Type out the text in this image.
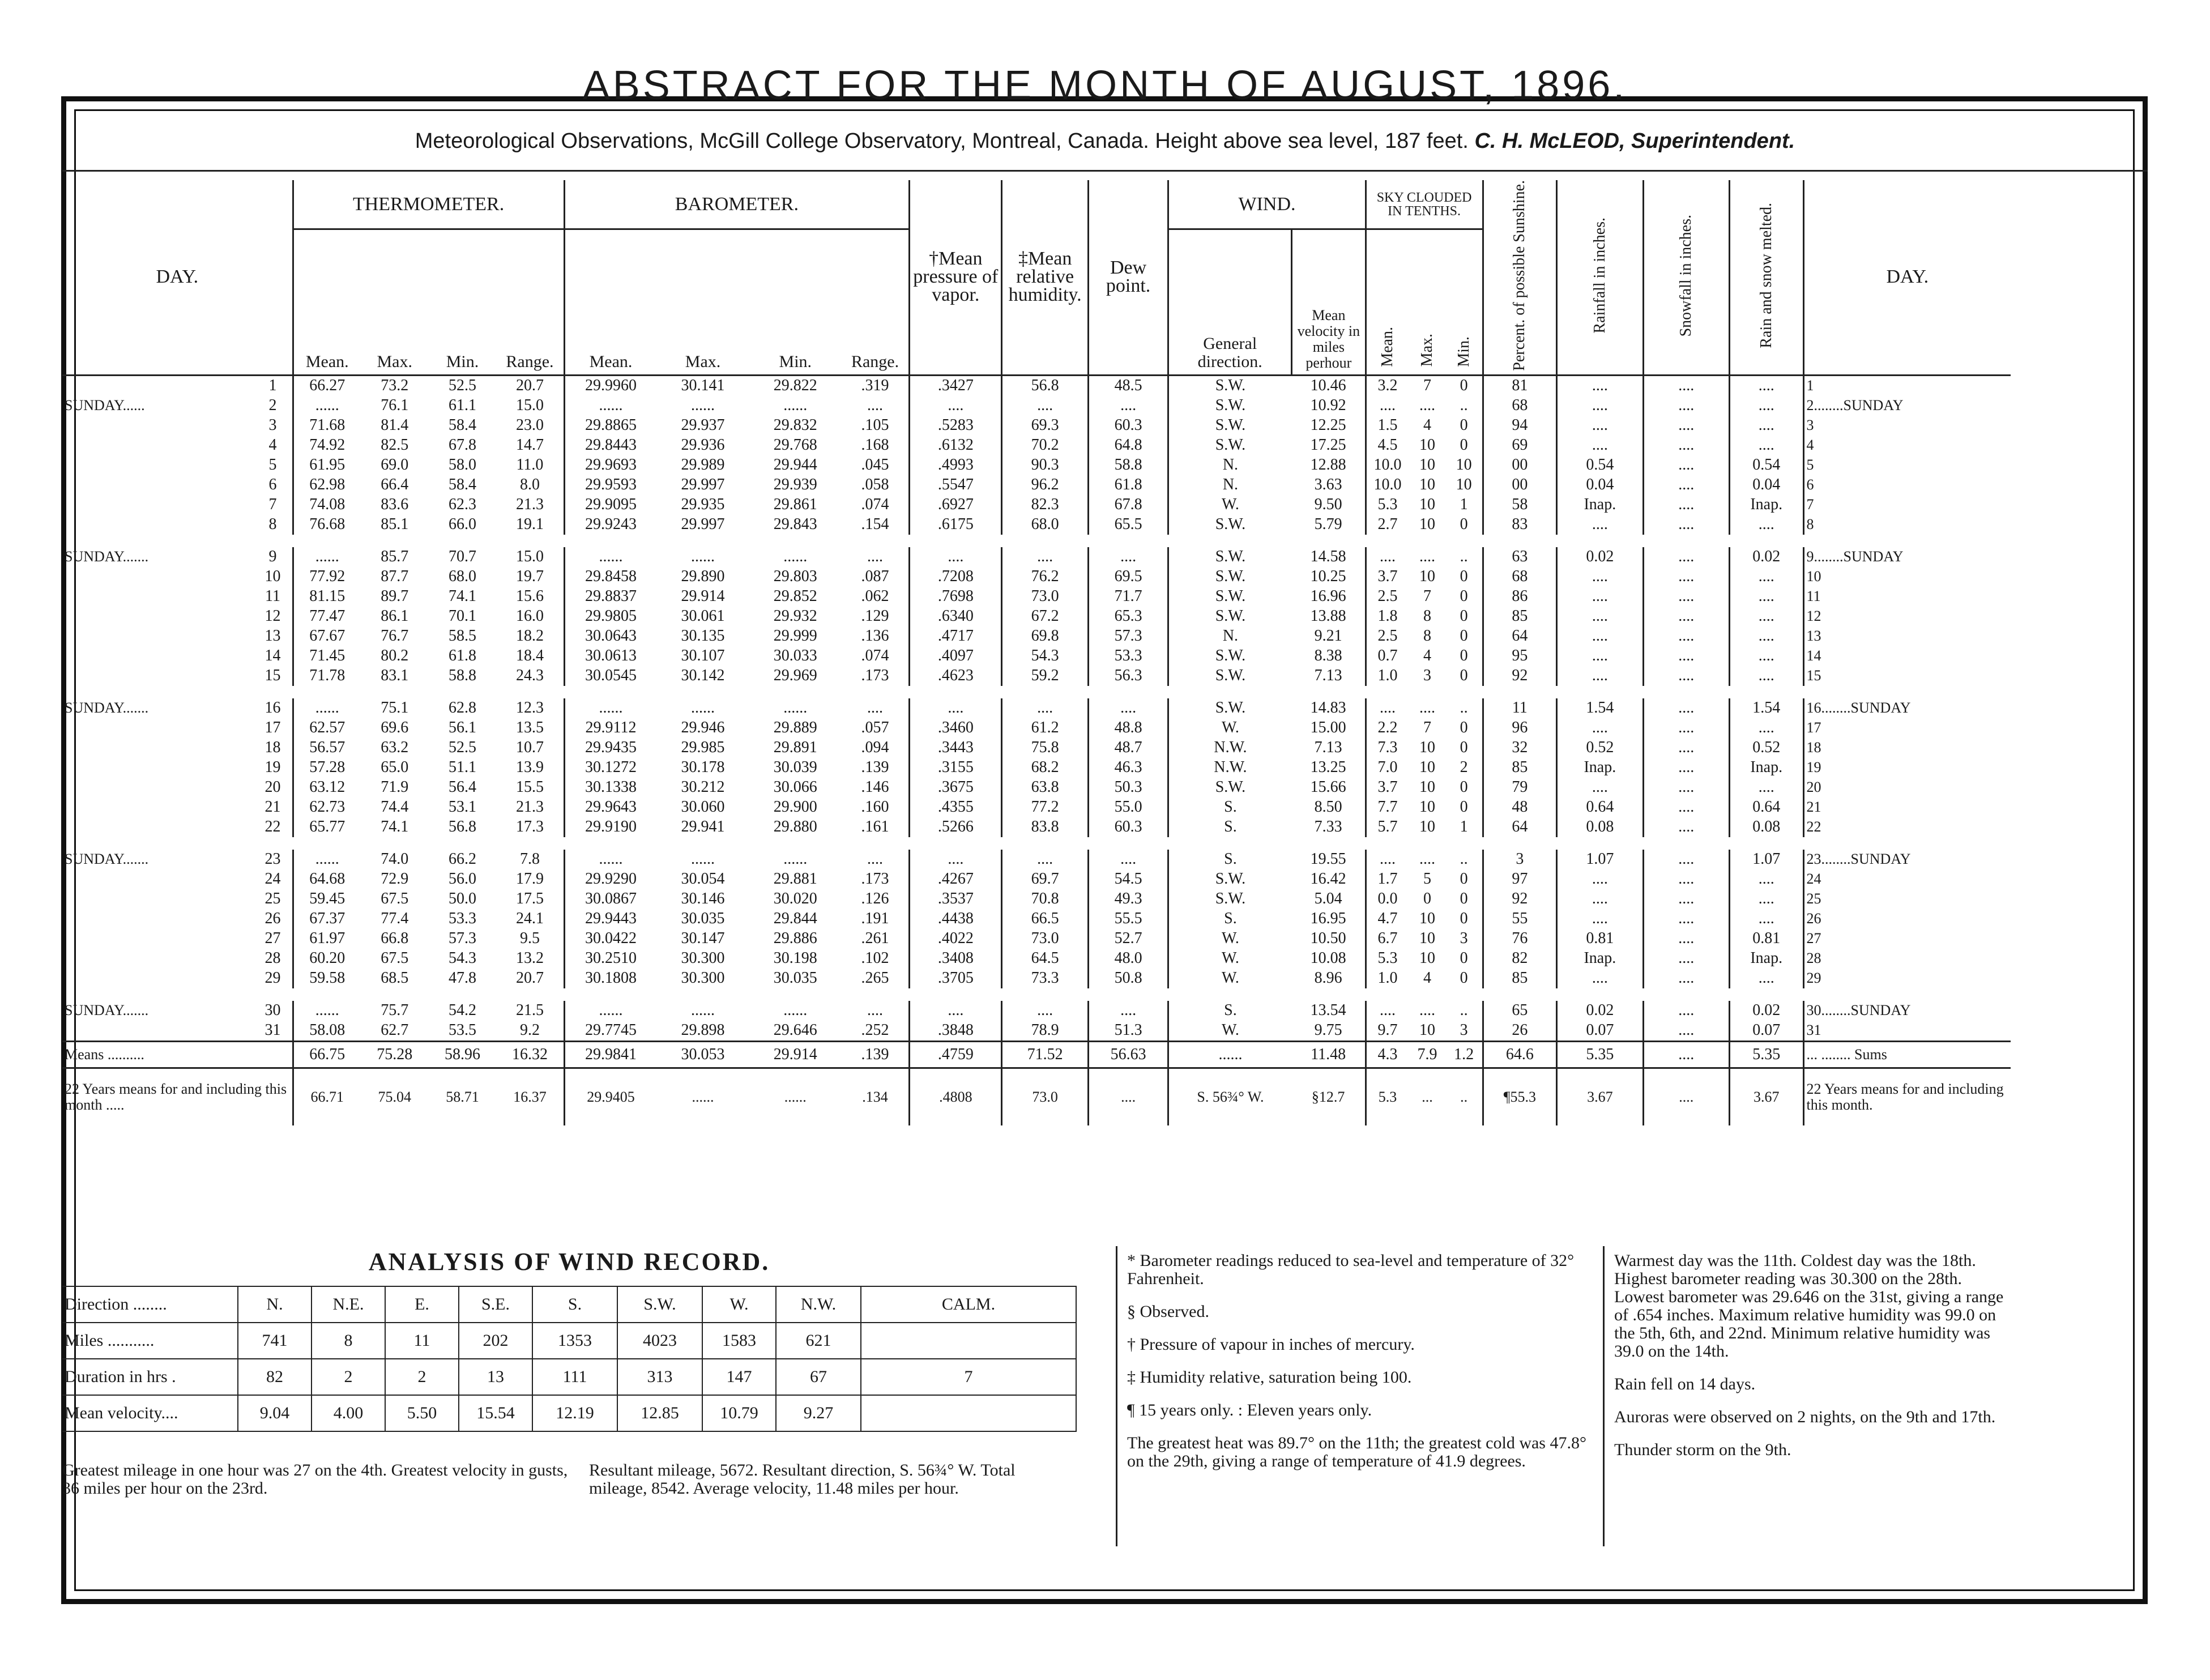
ABSTRACT FOR THE MONTH OF AUGUST, 1896.
Meteorological Observations, McGill College Observatory, Montreal, Canada. Height above sea level, 187 feet. C. H. McLEOD, Superintendent.
DAY.		THERMOMETER.				BAROMETER.				†Mean pressure of vapor.	‡Mean relative humidity.	Dew point.	WIND.		SKY CLOUDED IN TENTHS.			Percent. of possible Sunshine.	Rainfall in inches.	Snowfall in inches.	Rain and snow melted.	DAY.
		Mean.	Max.	Min.	Range.	Mean.	Max.	Min.	Range.				General direction.	Mean velocity in miles perhour	Mean.	Max.	Min.					
	1	66.27	73.2	52.5	20.7	29.9960	30.141	29.822	.319	.3427	56.8	48.5	S.W.	10.46	3.2	7	0	81	....	....	....	1
SUNDAY......	2	......	76.1	61.1	15.0	......	......	......	....	....	....	....	S.W.	10.92	....	....	..	68	....	....	....	2........SUNDAY
	3	71.68	81.4	58.4	23.0	29.8865	29.937	29.832	.105	.5283	69.3	60.3	S.W.	12.25	1.5	4	0	94	....	....	....	3
	4	74.92	82.5	67.8	14.7	29.8443	29.936	29.768	.168	.6132	70.2	64.8	S.W.	17.25	4.5	10	0	69	....	....	....	4
	5	61.95	69.0	58.0	11.0	29.9693	29.989	29.944	.045	.4993	90.3	58.8	N.	12.88	10.0	10	10	00	0.54	....	0.54	5
	6	62.98	66.4	58.4	8.0	29.9593	29.997	29.939	.058	.5547	96.2	61.8	N.	3.63	10.0	10	10	00	0.04	....	0.04	6
	7	74.08	83.6	62.3	21.3	29.9095	29.935	29.861	.074	.6927	82.3	67.8	W.	9.50	5.3	10	1	58	Inap.	....	Inap.	7
	8	76.68	85.1	66.0	19.1	29.9243	29.997	29.843	.154	.6175	68.0	65.5	S.W.	5.79	2.7	10	0	83	....	....	....	8

SUNDAY.......	9	......	85.7	70.7	15.0	......	......	......	....	....	....	....	S.W.	14.58	....	....	..	63	0.02	....	0.02	9........SUNDAY
	10	77.92	87.7	68.0	19.7	29.8458	29.890	29.803	.087	.7208	76.2	69.5	S.W.	10.25	3.7	10	0	68	....	....	....	10
	11	81.15	89.7	74.1	15.6	29.8837	29.914	29.852	.062	.7698	73.0	71.7	S.W.	16.96	2.5	7	0	86	....	....	....	11
	12	77.47	86.1	70.1	16.0	29.9805	30.061	29.932	.129	.6340	67.2	65.3	S.W.	13.88	1.8	8	0	85	....	....	....	12
	13	67.67	76.7	58.5	18.2	30.0643	30.135	29.999	.136	.4717	69.8	57.3	N.	9.21	2.5	8	0	64	....	....	....	13
	14	71.45	80.2	61.8	18.4	30.0613	30.107	30.033	.074	.4097	54.3	53.3	S.W.	8.38	0.7	4	0	95	....	....	....	14
	15	71.78	83.1	58.8	24.3	30.0545	30.142	29.969	.173	.4623	59.2	56.3	S.W.	7.13	1.0	3	0	92	....	....	....	15

SUNDAY.......	16	......	75.1	62.8	12.3	......	......	......	....	....	....	....	S.W.	14.83	....	....	..	11	1.54	....	1.54	16........SUNDAY
	17	62.57	69.6	56.1	13.5	29.9112	29.946	29.889	.057	.3460	61.2	48.8	W.	15.00	2.2	7	0	96	....	....	....	17
	18	56.57	63.2	52.5	10.7	29.9435	29.985	29.891	.094	.3443	75.8	48.7	N.W.	7.13	7.3	10	0	32	0.52	....	0.52	18
	19	57.28	65.0	51.1	13.9	30.1272	30.178	30.039	.139	.3155	68.2	46.3	N.W.	13.25	7.0	10	2	85	Inap.	....	Inap.	19
	20	63.12	71.9	56.4	15.5	30.1338	30.212	30.066	.146	.3675	63.8	50.3	S.W.	15.66	3.7	10	0	79	....	....	....	20
	21	62.73	74.4	53.1	21.3	29.9643	30.060	29.900	.160	.4355	77.2	55.0	S.	8.50	7.7	10	0	48	0.64	....	0.64	21
	22	65.77	74.1	56.8	17.3	29.9190	29.941	29.880	.161	.5266	83.8	60.3	S.	7.33	5.7	10	1	64	0.08	....	0.08	22

SUNDAY.......	23	......	74.0	66.2	7.8	......	......	......	....	....	....	....	S.	19.55	....	....	..	3	1.07	....	1.07	23........SUNDAY
	24	64.68	72.9	56.0	17.9	29.9290	30.054	29.881	.173	.4267	69.7	54.5	S.W.	16.42	1.7	5	0	97	....	....	....	24
	25	59.45	67.5	50.0	17.5	30.0867	30.146	30.020	.126	.3537	70.8	49.3	S.W.	5.04	0.0	0	0	92	....	....	....	25
	26	67.37	77.4	53.3	24.1	29.9443	30.035	29.844	.191	.4438	66.5	55.5	S.	16.95	4.7	10	0	55	....	....	....	26
	27	61.97	66.8	57.3	9.5	30.0422	30.147	29.886	.261	.4022	73.0	52.7	W.	10.50	6.7	10	3	76	0.81	....	0.81	27
	28	60.20	67.5	54.3	13.2	30.2510	30.300	30.198	.102	.3408	64.5	48.0	W.	10.08	5.3	10	0	82	Inap.	....	Inap.	28
	29	59.58	68.5	47.8	20.7	30.1808	30.300	30.035	.265	.3705	73.3	50.8	W.	8.96	1.0	4	0	85	....	....	....	29

SUNDAY.......	30	......	75.7	54.2	21.5	......	......	......	....	....	....	....	S.	13.54	....	....	..	65	0.02	....	0.02	30........SUNDAY
	31	58.08	62.7	53.5	9.2	29.7745	29.898	29.646	.252	.3848	78.9	51.3	W.	9.75	9.7	10	3	26	0.07	....	0.07	31
Means ..........		66.75	75.28	58.96	16.32	29.9841	30.053	29.914	.139	.4759	71.52	56.63	......	11.48	4.3	7.9	1.2	64.6	5.35	....	5.35	... ........ Sums
22 Years means for and including this month .....		66.71	75.04	58.71	16.37	29.9405	......	......	.134	.4808	73.0	....	S. 56¾° W.	§12.7	5.3	...	..	¶55.3	3.67	....	3.67	22 Years means for and including this month.
ANALYSIS OF WIND RECORD.
Direction ........	N.	N.E.	E.	S.E.	S.	S.W.	W.	N.W.	CALM.
Miles ...........	741	8	11	202	1353	4023	1583	621	
Duration in hrs .	82	2	2	13	111	313	147	67	7
Mean velocity....	9.04	4.00	5.50	15.54	12.19	12.85	10.79	9.27	
Greatest mileage in one hour was 27 on the 4th. Greatest velocity in gusts, 36 miles per hour on the 23rd.
Resultant mileage, 5672. Resultant direction, S. 56¾° W. Total mileage, 8542. Average velocity, 11.48 miles per hour.

* Barometer readings reduced to sea-level and temperature of 32° Fahrenheit.

§ Observed.

† Pressure of vapour in inches of mercury.

‡ Humidity relative, saturation being 100.

¶ 15 years only. : Eleven years only.

The greatest heat was 89.7° on the 11th; the greatest cold was 47.8° on the 29th, giving a range of temperature of 41.9 degrees.

Warmest day was the 11th. Coldest day was the 18th. Highest barometer reading was 30.300 on the 28th. Lowest barometer was 29.646 on the 31st, giving a range of .654 inches. Maximum relative humidity was 99.0 on the 5th, 6th, and 22nd. Minimum relative humidity was 39.0 on the 14th.

Rain fell on 14 days.

Auroras were observed on 2 nights, on the 9th and 17th.

Thunder storm on the 9th.
